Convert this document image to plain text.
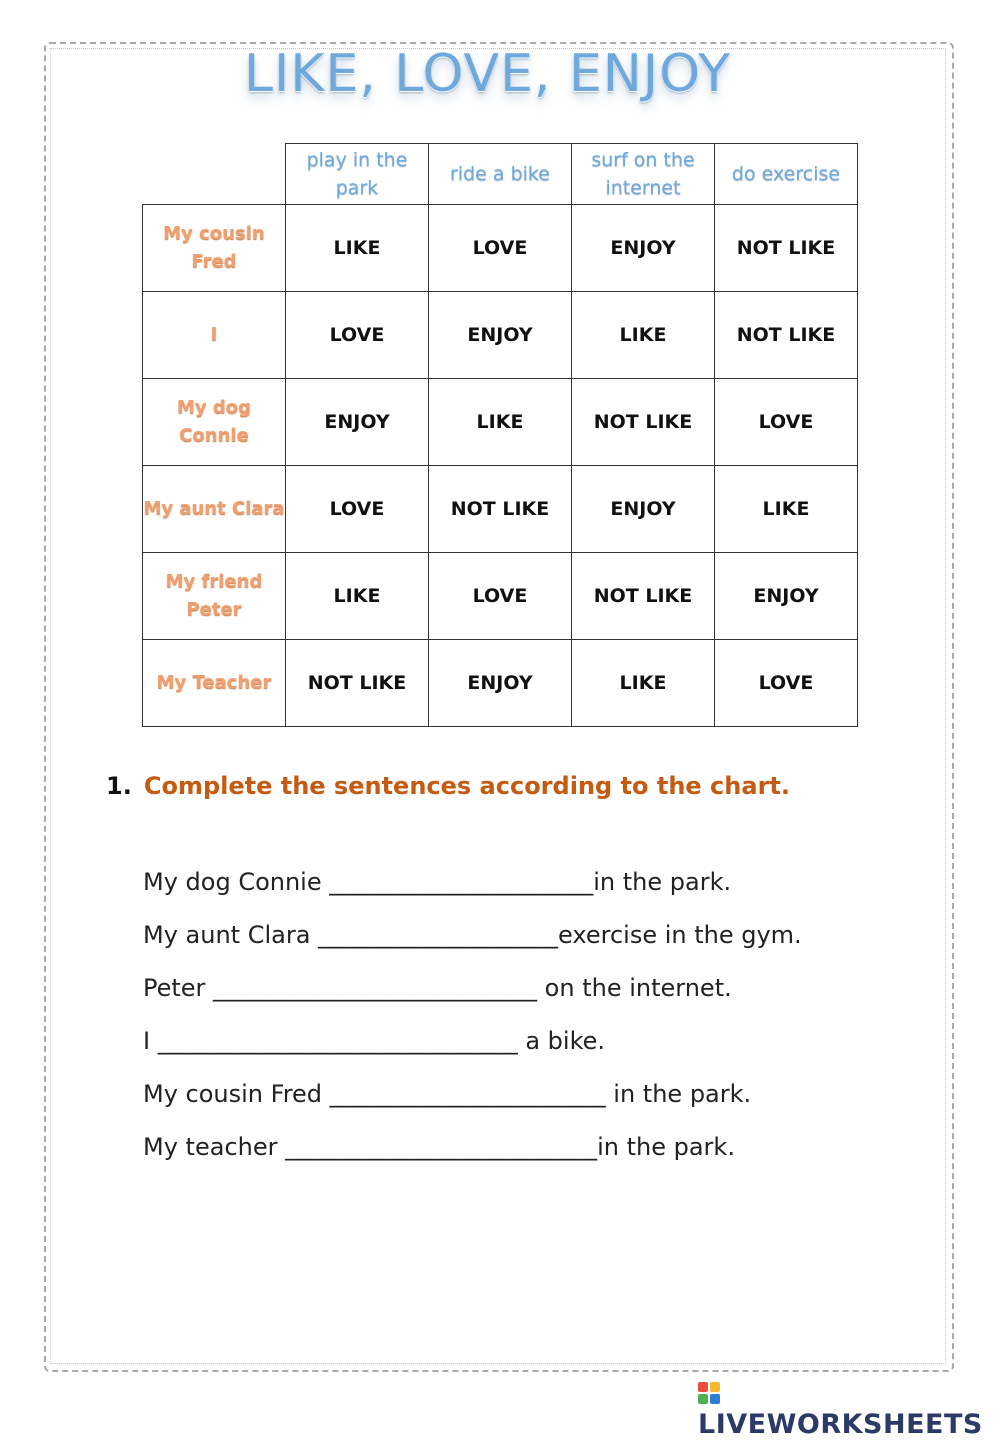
LIKE, LOVE, ENJOY
	play in the park	ride a bike	surf on the internet	do exercise
My cousin Fred	LIKE	LOVE	ENJOY	NOT LIKE
I	LOVE	ENJOY	LIKE	NOT LIKE
My dog Connie	ENJOY	LIKE	NOT LIKE	LOVE
My aunt Clara	LOVE	NOT LIKE	ENJOY	LIKE
My friend Peter	LIKE	LOVE	NOT LIKE	ENJOY
My Teacher	NOT LIKE	ENJOY	LIKE	LOVE
1. Complete the sentences according to the chart.
My dog Connie ______________________in the park.
My aunt Clara ____________________exercise in the gym.
Peter ___________________________ on the internet.
I ______________________________ a bike.
My cousin Fred _______________________ in the park.
My teacher __________________________in the park.
LIVEWORKSHEETS
